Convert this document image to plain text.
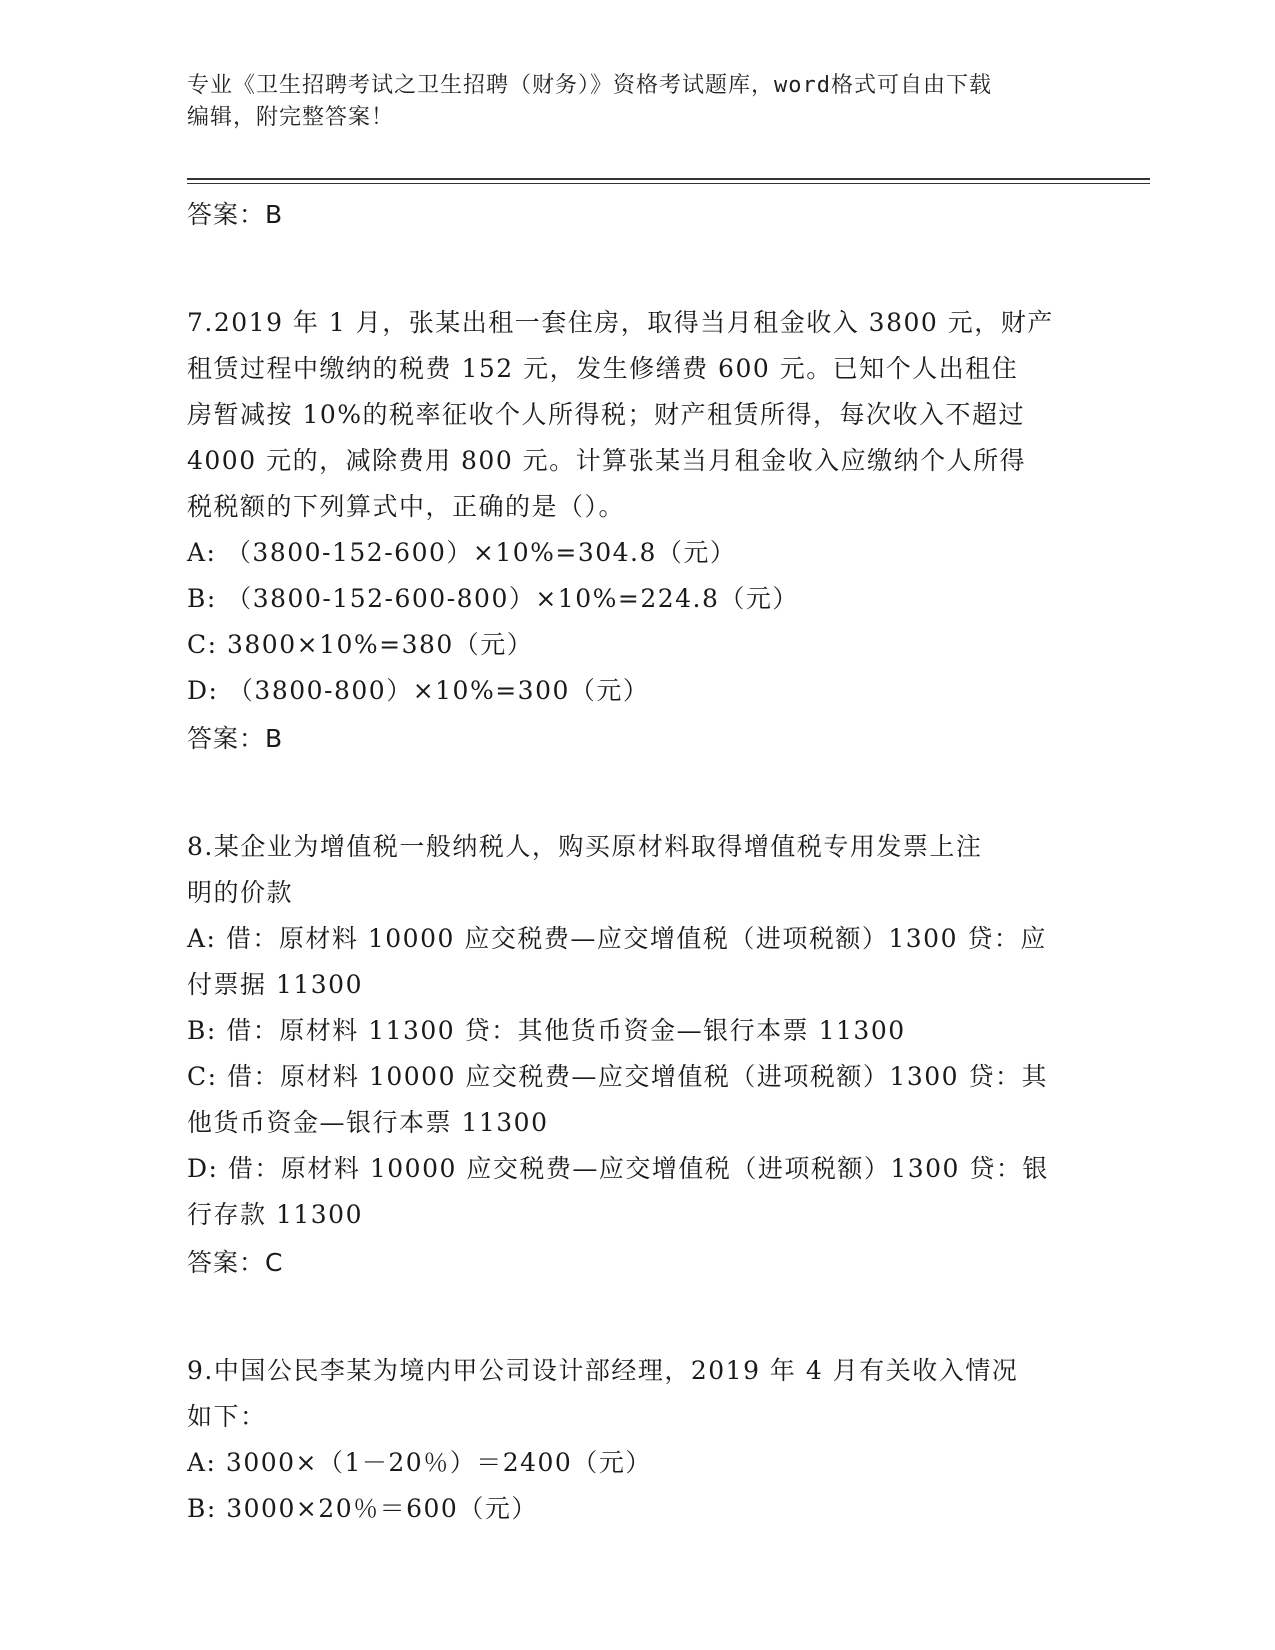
专业《卫生招聘考试之卫生招聘（财务）》资格考试题库，word格式可自由下载
编辑，附完整答案！
答案：B
7.2019 年 1 月，张某出租一套住房，取得当月租金收入 3800 元，财产
租赁过程中缴纳的税费 152 元，发生修缮费 600 元。已知个人出租住
房暂减按 10%的税率征收个人所得税；财产租赁所得，每次收入不超过
4000 元的，减除费用 800 元。计算张某当月租金收入应缴纳个人所得
税税额的下列算式中，正确的是（）。
A: （3800-152-600）×10%=304.8（元）
B: （3800-152-600-800）×10%=224.8（元）
C: 3800×10%=380（元）
D: （3800-800）×10%=300（元）
答案：B
8.某企业为增值税一般纳税人，购买原材料取得增值税专用发票上注
明的价款
A: 借：原材料 10000 应交税费—应交增值税（进项税额）1300 贷：应
付票据 11300
B: 借：原材料 11300 贷：其他货币资金—银行本票 11300
C: 借：原材料 10000 应交税费—应交增值税（进项税额）1300 贷：其
他货币资金—银行本票 11300
D: 借：原材料 10000 应交税费—应交增值税（进项税额）1300 贷：银
行存款 11300
答案：C
9.中国公民李某为境内甲公司设计部经理，2019 年 4 月有关收入情况
如下：
A: 3000×（1－20％）＝2400（元）
B: 3000×20％＝600（元）
